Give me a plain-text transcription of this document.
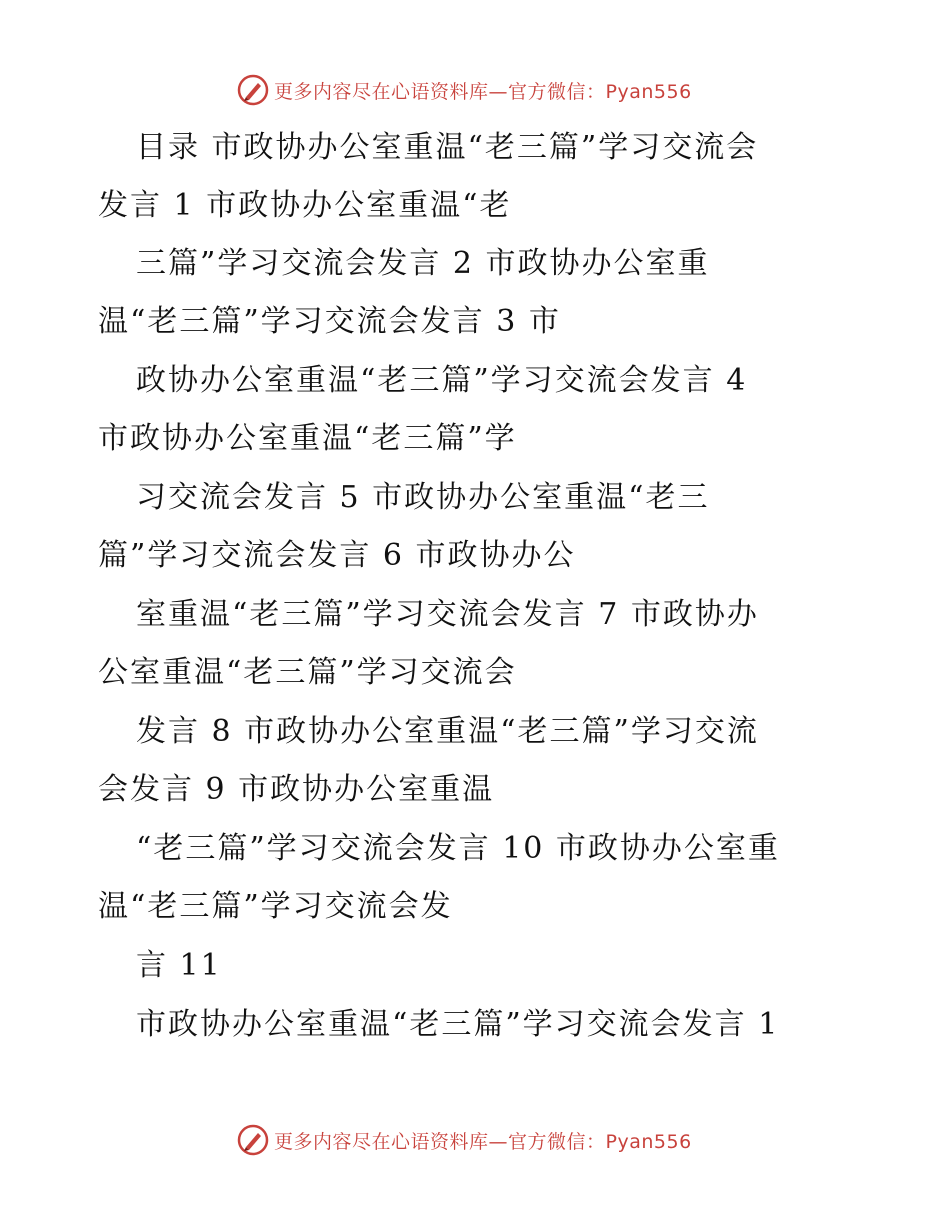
更多内容尽在心语资料库—官方微信：Pyan556
目录 市政协办公室重温“老三篇”学习交流会
发言 1 市政协办公室重温“老
三篇”学习交流会发言 2 市政协办公室重
温“老三篇”学习交流会发言 3 市
政协办公室重温“老三篇”学习交流会发言 4
市政协办公室重温“老三篇”学
习交流会发言 5 市政协办公室重温“老三
篇”学习交流会发言 6 市政协办公
室重温“老三篇”学习交流会发言 7 市政协办
公室重温“老三篇”学习交流会
发言 8 市政协办公室重温“老三篇”学习交流
会发言 9 市政协办公室重温
“老三篇”学习交流会发言 10 市政协办公室重
温“老三篇”学习交流会发
言 11
市政协办公室重温“老三篇”学习交流会发言 1
更多内容尽在心语资料库—官方微信：Pyan556
